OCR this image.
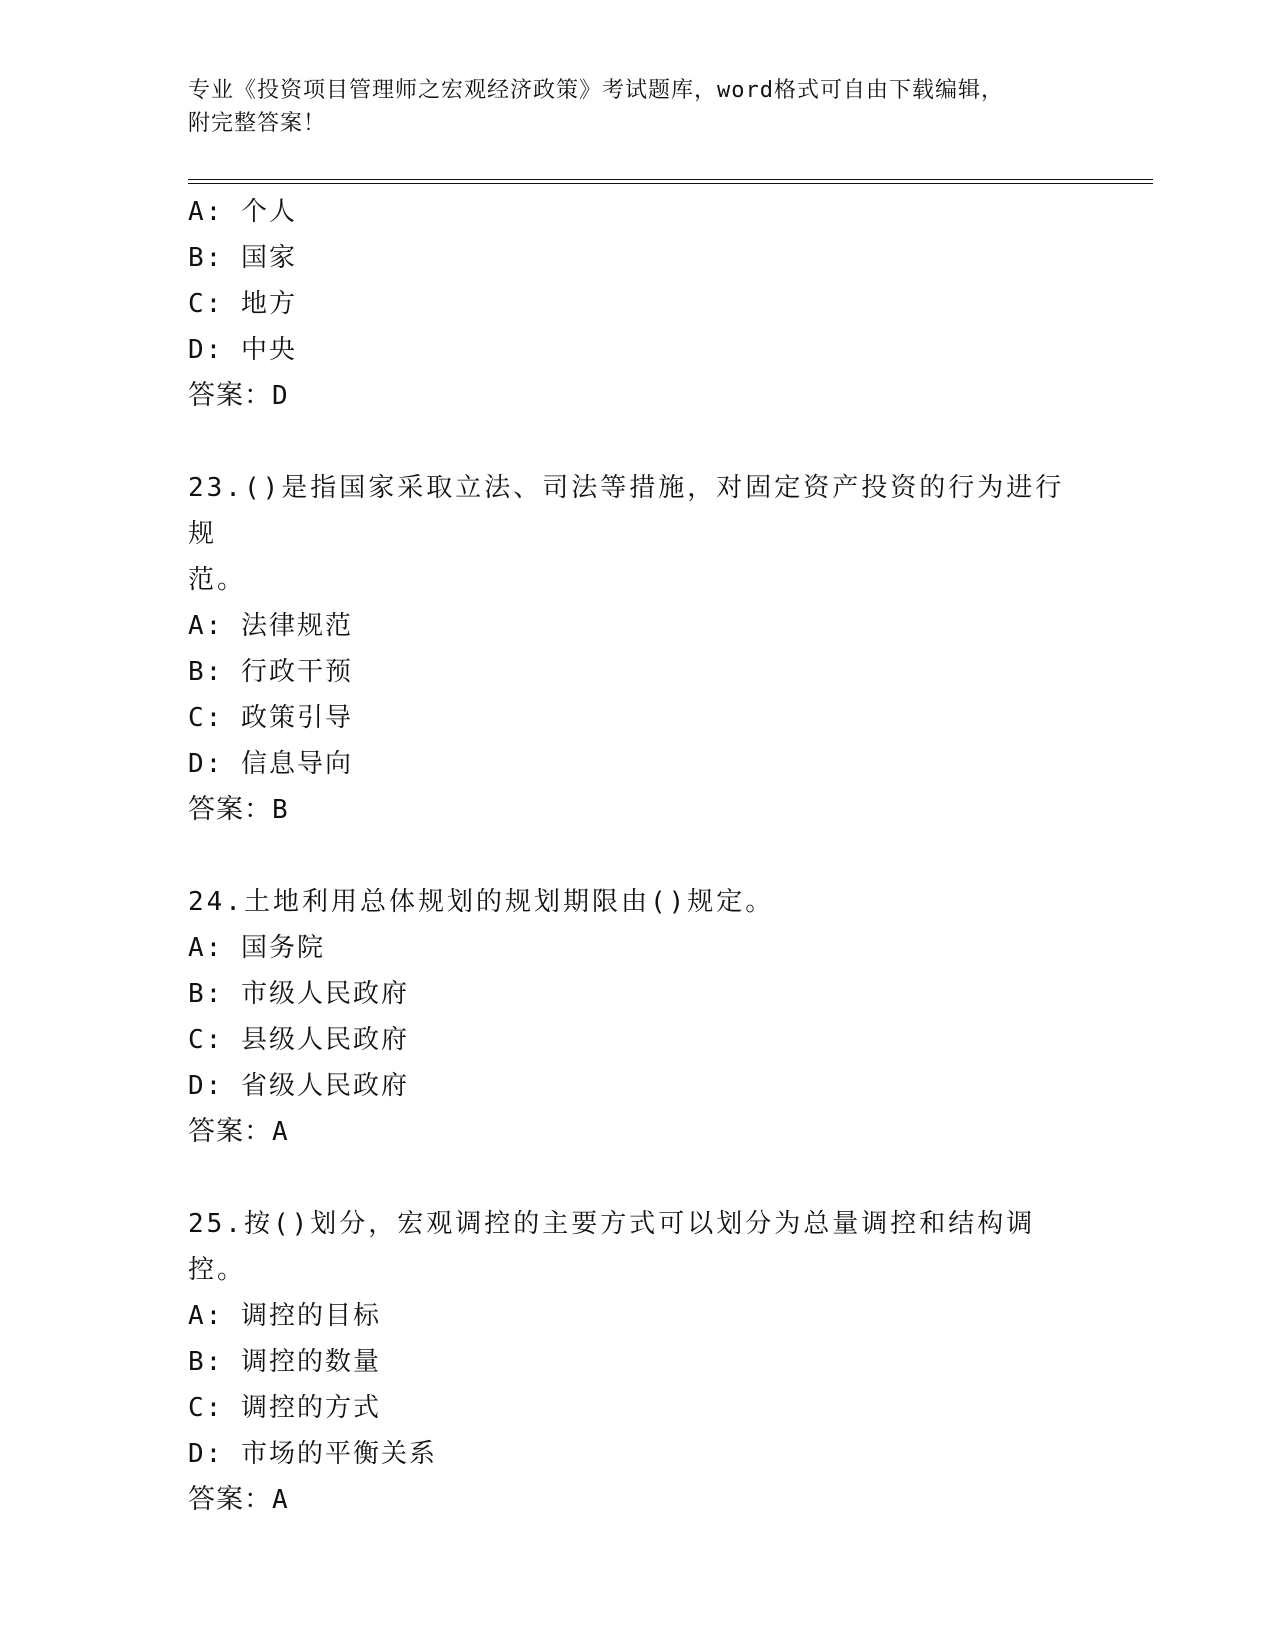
专业《投资项目管理师之宏观经济政策》考试题库，word格式可自由下载编辑，
附完整答案！
A: 个人
B: 国家
C: 地方
D: 中央
答案：D
23.()是指国家采取立法、司法等措施，对固定资产投资的行为进行规
范。
A: 法律规范
B: 行政干预
C: 政策引导
D: 信息导向
答案：B
24.土地利用总体规划的规划期限由()规定。
A: 国务院
B: 市级人民政府
C: 县级人民政府
D: 省级人民政府
答案：A
25.按()划分，宏观调控的主要方式可以划分为总量调控和结构调控。
A: 调控的目标
B: 调控的数量
C: 调控的方式
D: 市场的平衡关系
答案：A
